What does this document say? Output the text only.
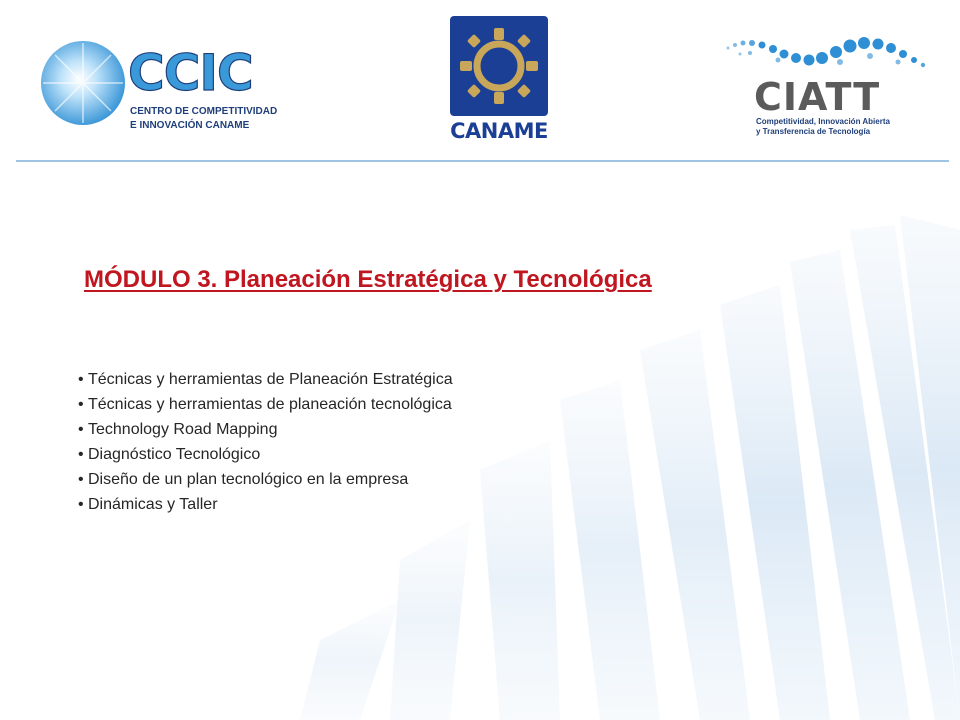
CCIC
CENTRO DE COMPETITIVIDAD
E INNOVACIÓN CANAME	CANAME
CIATT
Competitividad, Innovación Abierta
y Transferencia de Tecnología
MÓDULO 3. Planeación Estratégica y Tecnológica
• Técnicas y herramientas de Planeación Estratégica
• Técnicas y herramientas de planeación tecnológica
• Technology Road Mapping
• Diagnóstico Tecnológico
• Diseño de un plan tecnológico en la empresa
• Dinámicas y Taller
